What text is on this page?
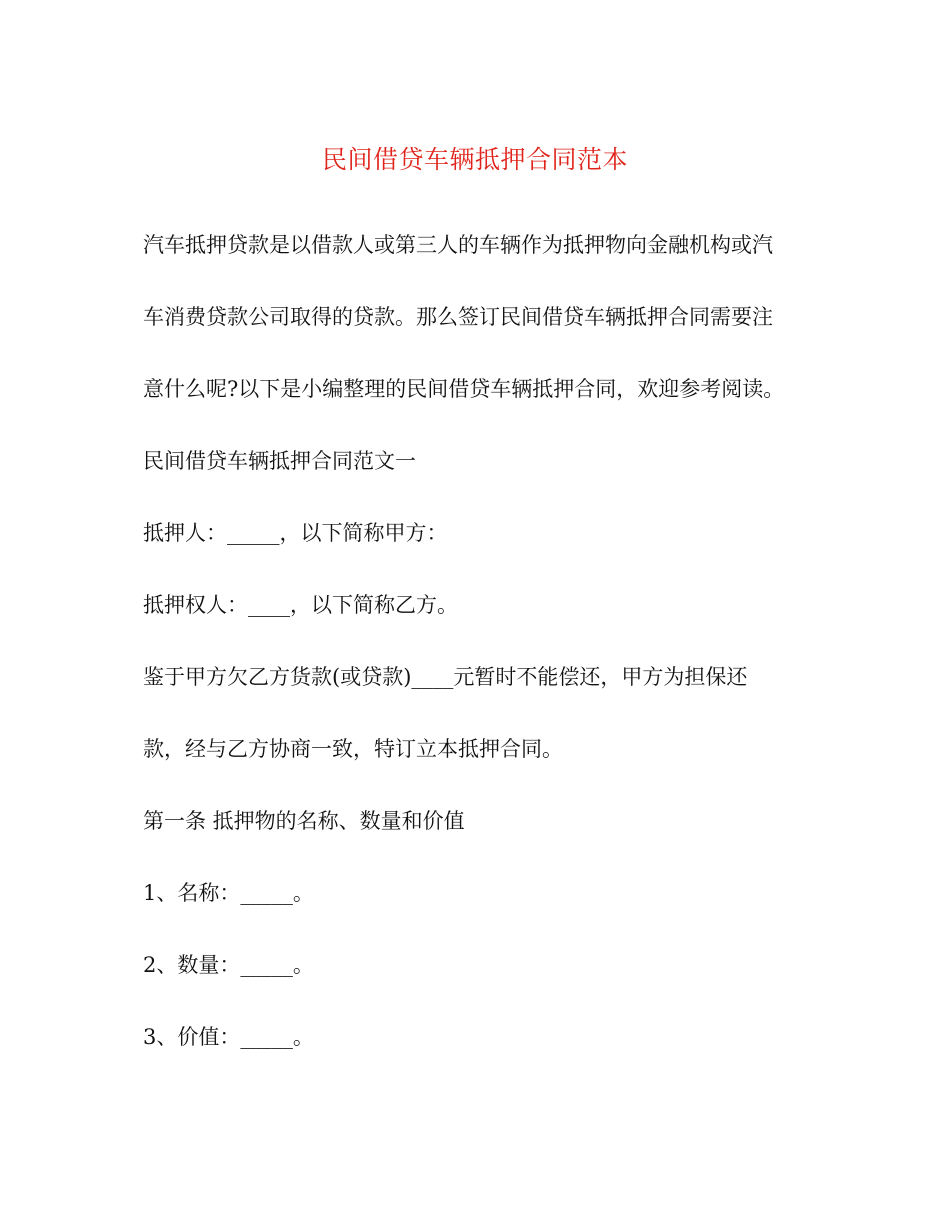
民间借贷车辆抵押合同范本
汽车抵押贷款是以借款人或第三人的车辆作为抵押物向金融机构或汽
车消费贷款公司取得的贷款。那么签订民间借贷车辆抵押合同需要注
意什么呢?以下是小编整理的民间借贷车辆抵押合同，欢迎参考阅读。
民间借贷车辆抵押合同范文一
抵押人：_____，以下简称甲方：
抵押权人：____，以下简称乙方。
鉴于甲方欠乙方货款(或贷款)____元暂时不能偿还，甲方为担保还
款，经与乙方协商一致，特订立本抵押合同。
第一条 抵押物的名称、数量和价值
1、名称：_____。
2、数量：_____。
3、价值：_____。
